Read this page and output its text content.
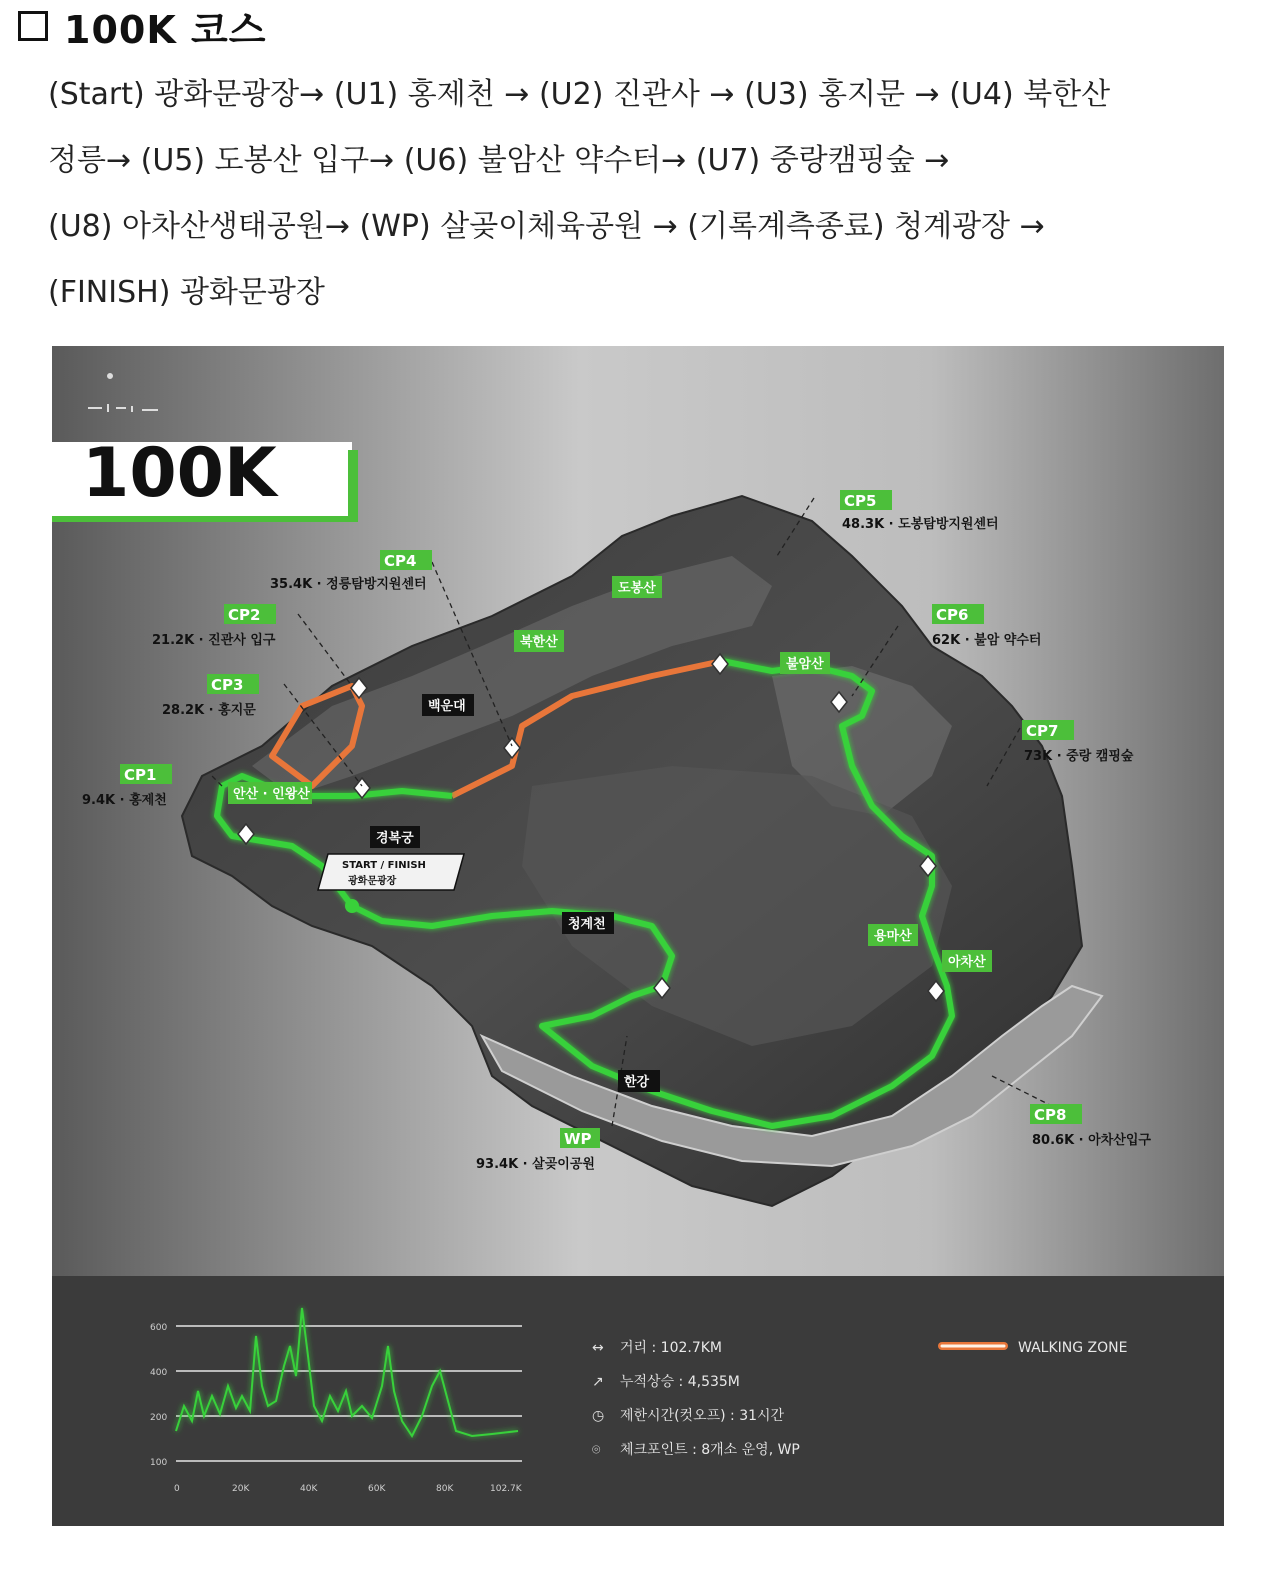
100K 코스
(Start) 광화문광장→ (U1) 홍제천 → (U2) 진관사 → (U3) 홍지문 → (U4) 북한산
정릉→ (U5) 도봉산 입구→ (U6) 불암산 약수터→ (U7) 중랑캠핑숲 →
(U8) 아차산생태공원→ (WP) 살곶이체육공원 → (기록계측종료) 청계광장 →
(FINISH) 광화문광장
100K
CP1
9.4K · 홍제천
CP2
21.2K · 진관사 입구
CP3
28.2K · 홍지문
CP4
35.4K · 정릉탐방지원센터
CP5
48.3K · 도봉탐방지원센터
CP6
62K · 불암 약수터
CP7
73K · 중랑 캠핑숲
CP8
80.6K · 아차산입구
WP
93.4K · 살곶이공원
도봉산
북한산
불암산
안산 · 인왕산
용마산
아차산
백운대
경복궁
청계천
한강
START / FINISH
광화문광장
600
400
200
100
0	20K	40K	60K	80K	102.7K
↔ 거리 : 102.7KM
↗ 누적상승 : 4,535M
◷ 제한시간(컷오프) : 31시간
⌾ 체크포인트 : 8개소 운영, WP
WALKING ZONE
